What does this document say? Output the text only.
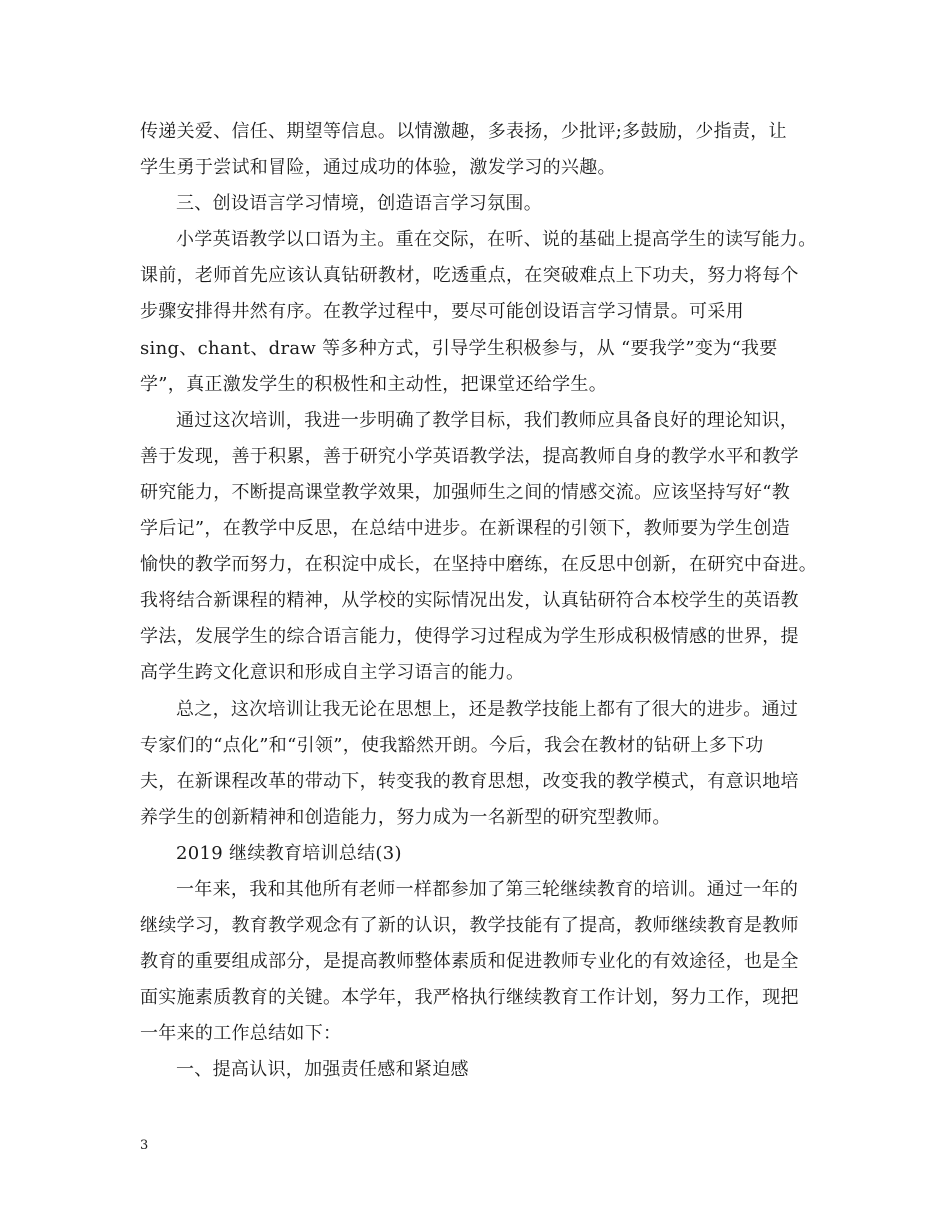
传递关爱、信任、期望等信息。以情激趣，多表扬，少批评;多鼓励，少指责，让
学生勇于尝试和冒险，通过成功的体验，激发学习的兴趣。
三、创设语言学习情境，创造语言学习氛围。
小学英语教学以口语为主。重在交际，在听、说的基础上提高学生的读写能力。
课前，老师首先应该认真钻研教材，吃透重点，在突破难点上下功夫，努力将每个
步骤安排得井然有序。在教学过程中，要尽可能创设语言学习情景。可采用
sing、chant、draw 等多种方式，引导学生积极参与，从 “要我学”变为“我要
学”，真正激发学生的积极性和主动性，把课堂还给学生。
通过这次培训，我进一步明确了教学目标，我们教师应具备良好的理论知识，
善于发现，善于积累，善于研究小学英语教学法，提高教师自身的教学水平和教学
研究能力，不断提高课堂教学效果，加强师生之间的情感交流。应该坚持写好“教
学后记”，在教学中反思，在总结中进步。在新课程的引领下，教师要为学生创造
愉快的教学而努力，在积淀中成长，在坚持中磨练，在反思中创新，在研究中奋进。
我将结合新课程的精神，从学校的实际情况出发，认真钻研符合本校学生的英语教
学法，发展学生的综合语言能力，使得学习过程成为学生形成积极情感的世界，提
高学生跨文化意识和形成自主学习语言的能力。
总之，这次培训让我无论在思想上，还是教学技能上都有了很大的进步。通过
专家们的“点化”和“引领”，使我豁然开朗。今后，我会在教材的钻研上多下功
夫，在新课程改革的带动下，转变我的教育思想，改变我的教学模式，有意识地培
养学生的创新精神和创造能力，努力成为一名新型的研究型教师。
2019 继续教育培训总结(3)
一年来，我和其他所有老师一样都参加了第三轮继续教育的培训。通过一年的
继续学习，教育教学观念有了新的认识，教学技能有了提高，教师继续教育是教师
教育的重要组成部分，是提高教师整体素质和促进教师专业化的有效途径，也是全
面实施素质教育的关键。本学年，我严格执行继续教育工作计划，努力工作，现把
一年来的工作总结如下：
一、提高认识，加强责任感和紧迫感
3
